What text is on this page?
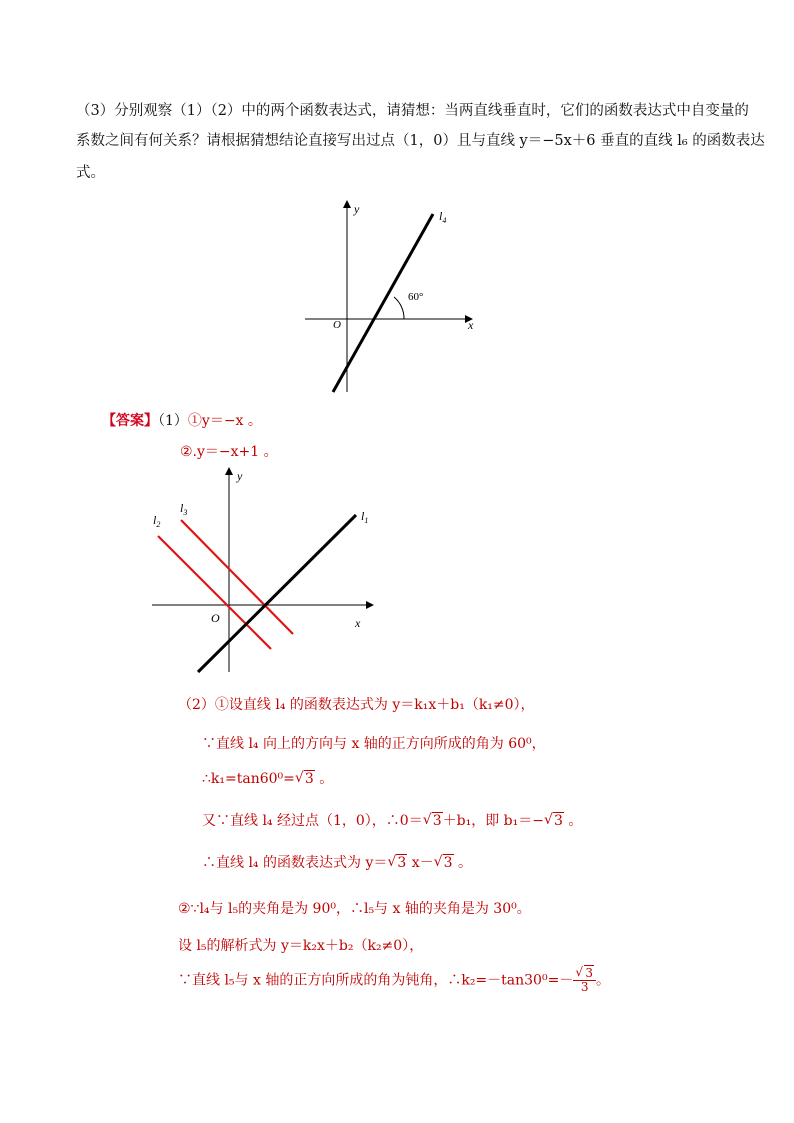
（3）分别观察（1）（2）中的两个函数表达式，请猜想：当两直线垂直时，它们的函数表达式中自变量的
系数之间有何关系？请根据猜想结论直接写出过点（1，0）且与直线 y＝−5x＋6 垂直的直线 l₆ 的函数表达
式。
y
x
O
$l_4$
60°
【答案】（1）①y＝−x 。
②.y＝−x+1 。
y
x
O
$l_1$
$l_2$
$l_3$
（2）①设直线 l₄ 的函数表达式为 y＝k₁x＋b₁（k₁≠0），
∵直线 l₄ 向上的方向与 x 轴的正方向所成的角为 60⁰，
∴k₁=tan60⁰= √ 3 。
又∵直线 l₄ 经过点（1，0），∴0＝ √ 3＋b₁，即 b₁＝− √ 3 。
∴直线 l₄ 的函数表达式为 y＝ √ 3 x－ √ 3 。
②∵l₄与 l₅的夹角是为 90⁰，∴l₅与 x 轴的夹角是为 30⁰。
设 l₅的解析式为 y＝k₂x＋b₂（k₂≠0），
∵直线 l₅与 x 轴的正方向所成的角为钝角，∴k₂=－tan30⁰=－ √ $\frac{3}{3}$ 。
